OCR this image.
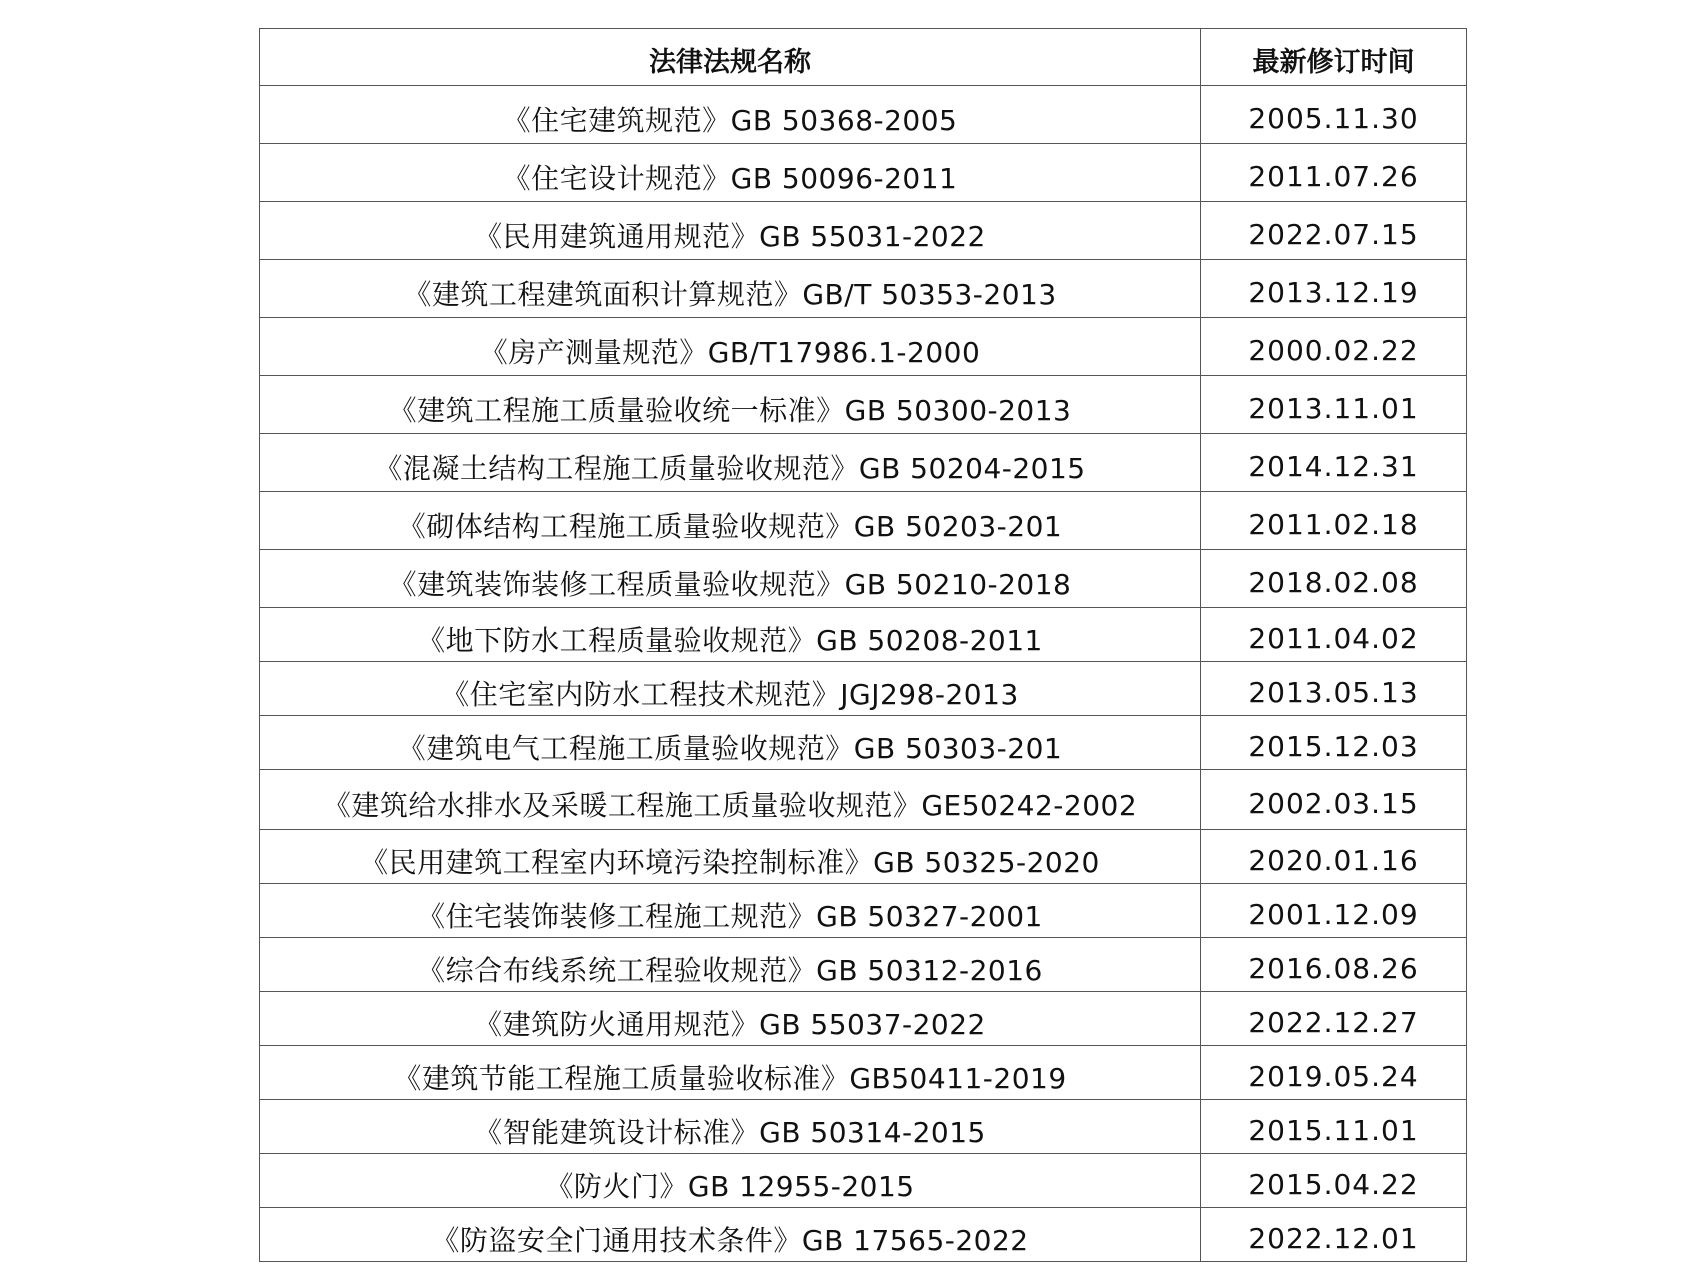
法律法规名称	最新修订时间
《住宅建筑规范》GB 50368-2005	2005.11.30
《住宅设计规范》GB 50096-2011	2011.07.26
《民用建筑通用规范》GB 55031-2022	2022.07.15
《建筑工程建筑面积计算规范》GB/T 50353-2013	2013.12.19
《房产测量规范》GB/T17986.1-2000	2000.02.22
《建筑工程施工质量验收统一标准》GB 50300-2013	2013.11.01
《混凝土结构工程施工质量验收规范》GB 50204-2015	2014.12.31
《砌体结构工程施工质量验收规范》GB 50203-201	2011.02.18
《建筑装饰装修工程质量验收规范》GB 50210-2018	2018.02.08
《地下防水工程质量验收规范》GB 50208-2011	2011.04.02
《住宅室内防水工程技术规范》JGJ298-2013	2013.05.13
《建筑电气工程施工质量验收规范》GB 50303-201	2015.12.03
《建筑给水排水及采暖工程施工质量验收规范》GE50242-2002	2002.03.15
《民用建筑工程室内环境污染控制标准》GB 50325-2020	2020.01.16
《住宅装饰装修工程施工规范》GB 50327-2001	2001.12.09
《综合布线系统工程验收规范》GB 50312-2016	2016.08.26
《建筑防火通用规范》GB 55037-2022	2022.12.27
《建筑节能工程施工质量验收标准》GB50411-2019	2019.05.24
《智能建筑设计标准》GB 50314-2015	2015.11.01
《防火门》GB 12955-2015	2015.04.22
《防盗安全门通用技术条件》GB 17565-2022	2022.12.01
